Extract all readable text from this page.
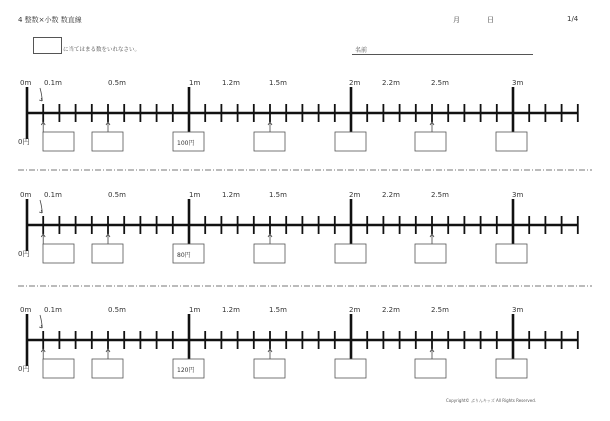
4 整数×小数 数直線	月	日	1/4
に当てはまる数をいれなさい。	名前
0m 0.1m	0.5m	1m	1.2m	1.5m	2m	2.2m	2.5m	3m
0円	100円
0m 0.1m	0.5m	1m	1.2m	1.5m	2m	2.2m	2.5m	3m
0円	80円
0m 0.1m	0.5m	1m	1.2m	1.5m	2m	2.2m	2.5m	3m
0円	120円
Copyright© ぷりんキッズ All Rights Reserved.
